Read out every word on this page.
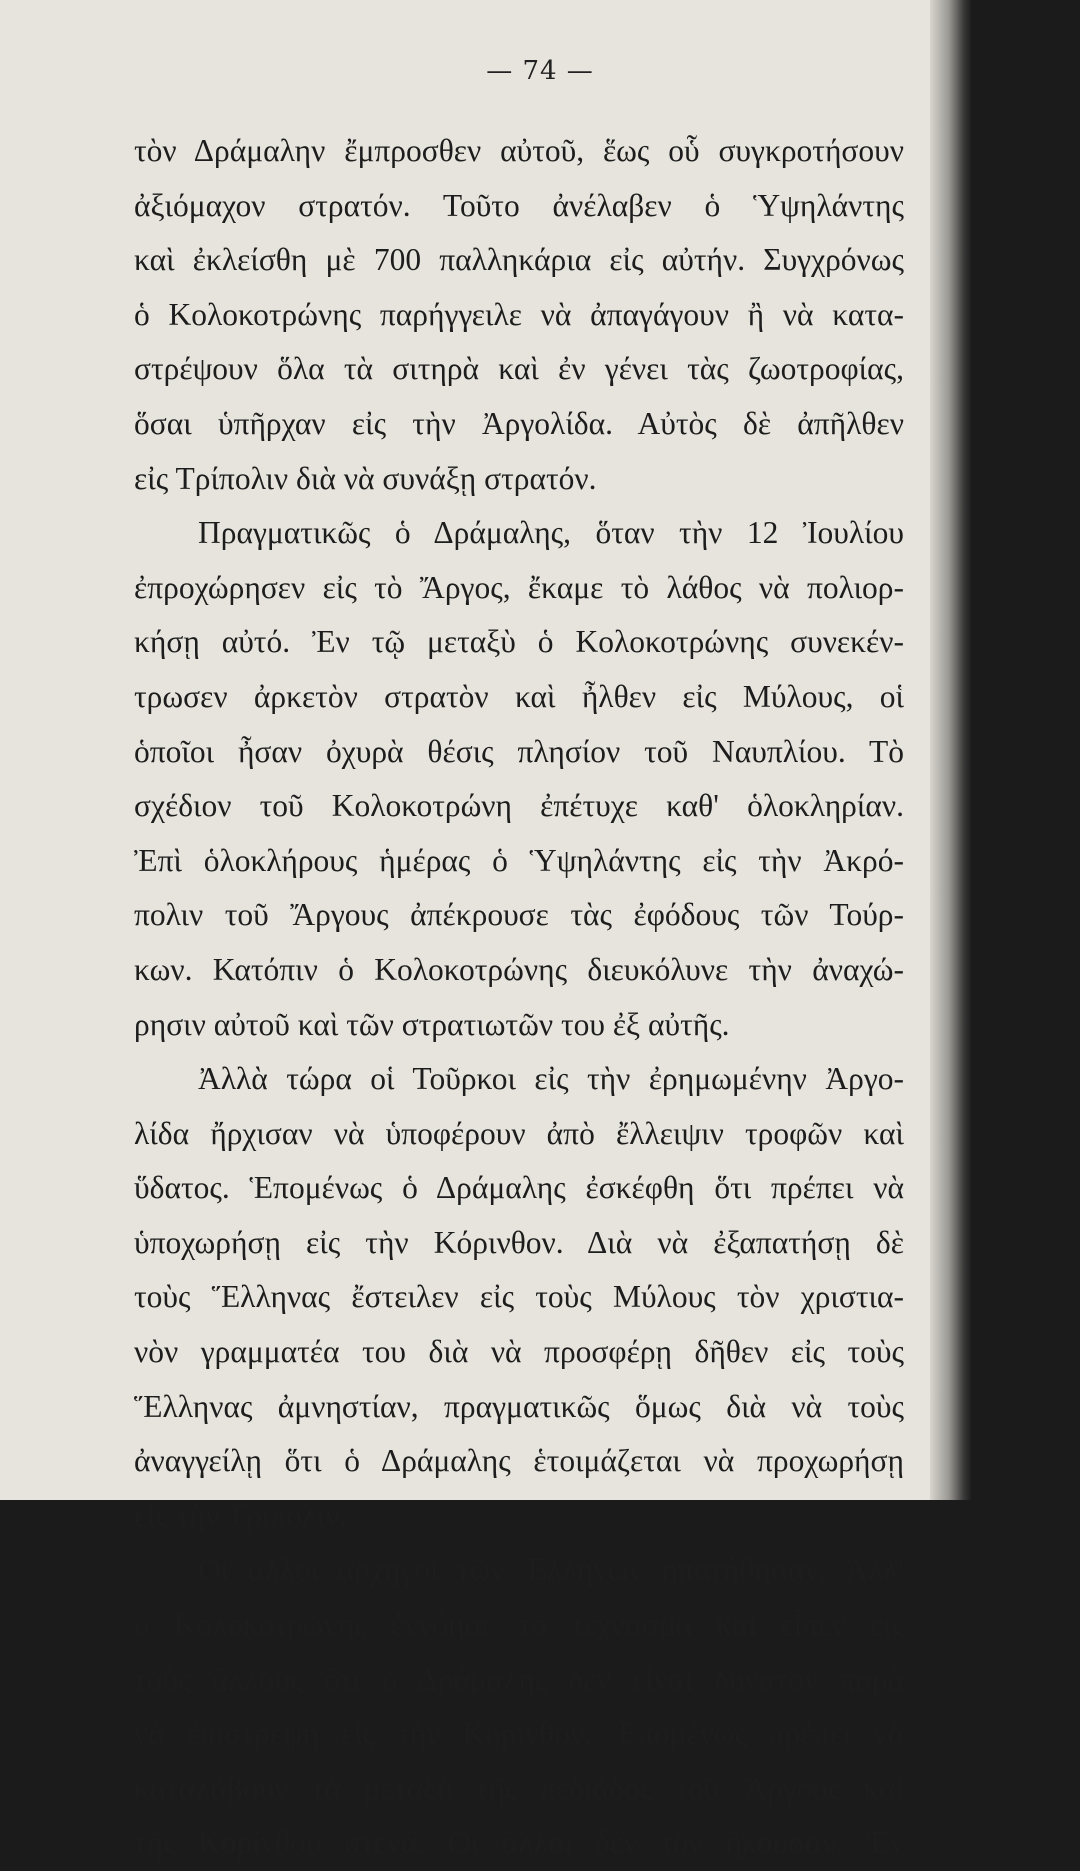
— 74 —
τὸν Δράμαλην ἔμπροσθεν αὐτοῦ, ἕως οὗ συγκροτήσουν
ἀξιόμαχον στρατόν. Τοῦτο ἀνέλαβεν ὁ Ὑψηλάντης
καὶ ἐκλείσθη μὲ 700 παλληκάρια εἰς αὐτήν. Συγχρόνως
ὁ Κολοκοτρώνης παρήγγειλε νὰ ἀπαγάγουν ἢ νὰ κατα-
στρέψουν ὅλα τὰ σιτηρὰ καὶ ἐν γένει τὰς ζωοτροφίας,
ὅσαι ὑπῆρχαν εἰς τὴν Ἀργολίδα. Αὐτὸς δὲ ἀπῆλθεν
εἰς Τρίπολιν διὰ νὰ συνάξῃ στρατόν.
Πραγματικῶς ὁ Δράμαλης, ὅταν τὴν 12 Ἰουλίου
ἐπροχώρησεν εἰς τὸ Ἄργος, ἔκαμε τὸ λάθος νὰ πολιορ-
κήσῃ αὐτό. Ἐν τῷ μεταξὺ ὁ Κολοκοτρώνης συνεκέν-
τρωσεν ἀρκετὸν στρατὸν καὶ ἦλθεν εἰς Μύλους, οἱ
ὁποῖοι ἦσαν ὀχυρὰ θέσις πλησίον τοῦ Ναυπλίου. Τὸ
σχέδιον τοῦ Κολοκοτρώνη ἐπέτυχε καθ' ὁλοκληρίαν.
Ἐπὶ ὁλοκλήρους ἡμέρας ὁ Ὑψηλάντης εἰς τὴν Ἀκρό-
πολιν τοῦ Ἄργους ἀπέκρουσε τὰς ἐφόδους τῶν Τούρ-
κων. Κατόπιν ὁ Κολοκοτρώνης διευκόλυνε τὴν ἀναχώ-
ρησιν αὐτοῦ καὶ τῶν στρατιωτῶν του ἐξ αὐτῆς.
Ἀλλὰ τώρα οἱ Τοῦρκοι εἰς τὴν ἐρημωμένην Ἀργο-
λίδα ἤρχισαν νὰ ὑποφέρουν ἀπὸ ἔλλειψιν τροφῶν καὶ
ὕδατος. Ἑπομένως ὁ Δράμαλης ἐσκέφθη ὅτι πρέπει νὰ
ὑποχωρήσῃ εἰς τὴν Κόρινθον. Διὰ νὰ ἐξαπατήσῃ δὲ
τοὺς Ἕλληνας ἔστειλεν εἰς τοὺς Μύλους τὸν χριστια-
νὸν γραμματέα του διὰ νὰ προσφέρῃ δῆθεν εἰς τοὺς
Ἕλληνας ἀμνηστίαν, πραγματικῶς ὅμως διὰ νὰ τοὺς
ἀναγγείλῃ ὅτι ὁ Δράμαλης ἑτοιμάζεται νὰ προχωρήσῃ
εἰς τὴν Τρίπολιν.
Οἱ ἄλλοι ἀρχηγοὶ τῶν Ἑλλήνων ἠπατήθησαν. Ἀλλ'
ὁ Κολοκοτρώνης ἐννόησε τὸ τέχνασμα καὶ εἶπεν εἰς
τοὺς ἄλλους ὅτι ὁ Δράμαλης δὲν εἶναι δυνατὸν παρὰ
νὰ ἐπιστρέψῃ εἰς τὴν Κόρινθον. Ἑπομένως πρέπει νὰ
καταλάβουν τὰ μεταξὺ τῆς πεδιάδος τοῦ Ἄργους καὶ
τῆς Κορίνθου στενά. Οἱ ἄλλοι δὲν τὸν ἤκουσαν. Ἐν
